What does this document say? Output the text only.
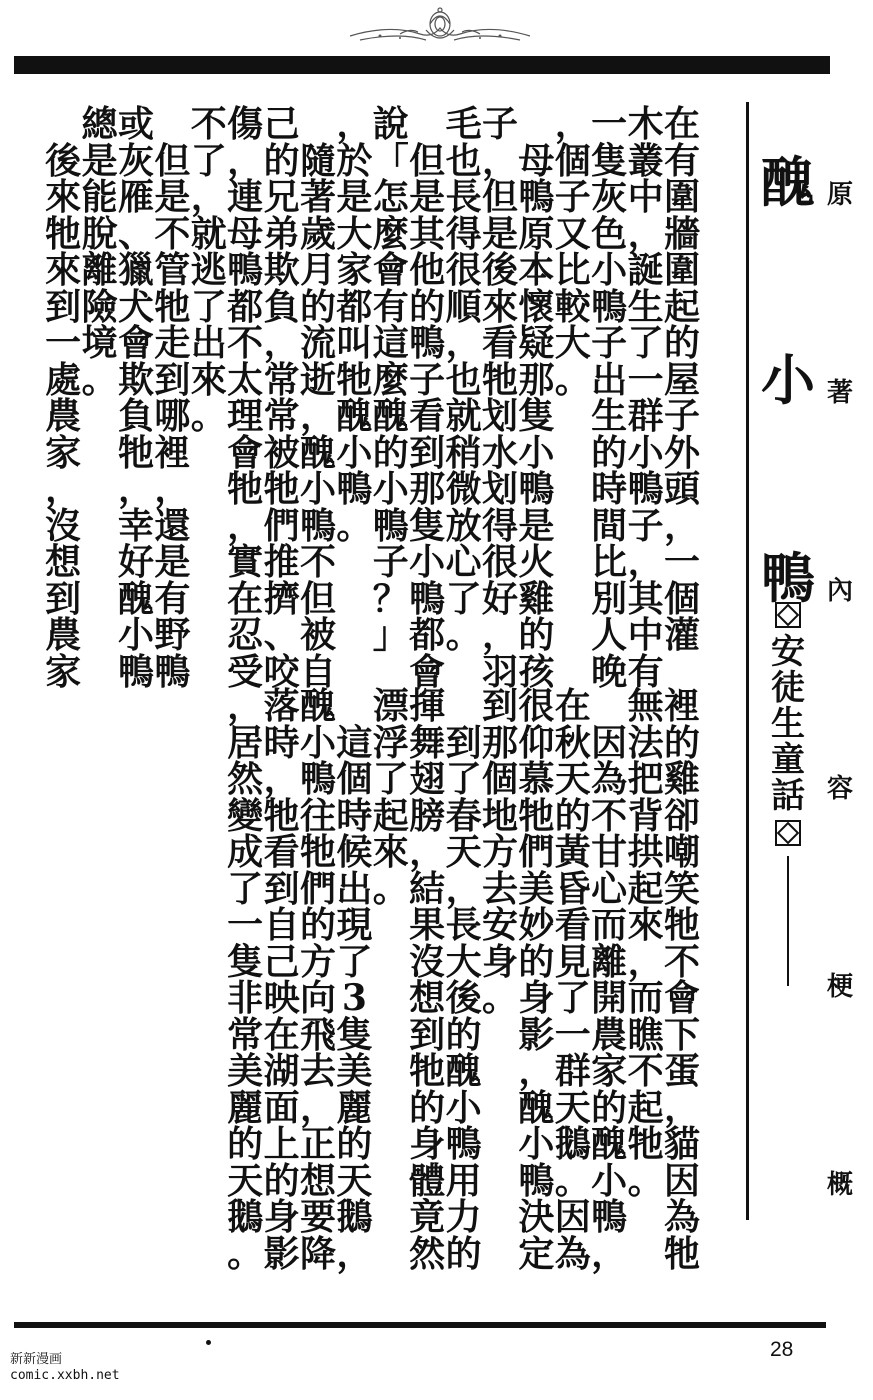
原
著
內
容
梗
概
醜
小
鴨
安
徒
生
童
話
在
有
圍
牆
圍
起
的
屋
子
外
頭
，
一
個
灌
木
叢
中
，
誕
生
了
一
群
小
鴨
子
，
其
中
有
一
隻
灰
色
小
鴨
子
出
生
的
時
間
比
別
人
晚
，
個
子
又
比
較
大
。

母
鴨
原
本
懷
疑
那
隻
小
鴨
是
火
雞
的
孩
子
，
但
是
後
來
看
牠
划
水
划
得
很
好
，
羽
毛
也
長
得
很
順
，
也
就
稍
微
放
心
了
。

但
是
其
他
的
鴨
子
看
到
那
隻
小
鴨
都
會
說
「
怎
麼
會
有
這
麼
醜
的
小
鴨
子
？
」
，
於
是
大
家
都
叫
牠
醜
小
鴨
。

隨
著
歲
月
的
流
逝
，
醜
小
鴨
不
但
被
自
己
的
兄
弟
欺
負
，
常
常
被
牠
們
推
擠
、
咬
傷
，
連
母
鴨
都
不
太
理
會
牠
，
實
在
忍
受
不
了
，
就
逃
了
出
來
。

但
是
不
管
牠
走
到
哪
裡
，
還
是
有
野
鴨
或
灰
雁
、
獵
犬
會
欺
負
牠
，
幸
好
醜
小
鴨
總
是
能
脫
離
險
境
。

後
來
牠
來
到
一
處
農
家
，
沒
想
到
農
家
裡
的
雞
卻
嘲
笑
牠
不
會
下
蛋
，
貓
因
為
牠
無
法
把
背
拱
起
來
，
而
瞧
不
起
牠
。

因
為
不
甘
心
而
離
開
農
家
的
醜
小
鴨
，
在
秋
天
的
黃
昏
看
見
了
一
群
天
鵝
。
因
為
很
仰
慕
牠
們
美
妙
的
身
影
，
醜
小
鴨
決
定
到
那
個
地
方
去
安
身
。

到
了
春
天
，
長
大
後
的
醜
小
鴨
用
力
的
揮
舞
翅
膀
，
結
果
沒
想
到
牠
的
身
體
竟
然
漂
浮
了
起
來
。

這
個
時
候
出
現
了
3
隻
美
麗
的
天
鵝
，
醜
小
鴨
往
牠
們
的
方
向
飛
去
，
正
想
要
降
落
時
，
牠
看
到
自
己
映
在
湖
面
上
的
身
影
，
居
然
變
成
了
一
隻
非
常
美
麗
的
天
鵝
。
28
新新漫画
comic.xxbh.net
